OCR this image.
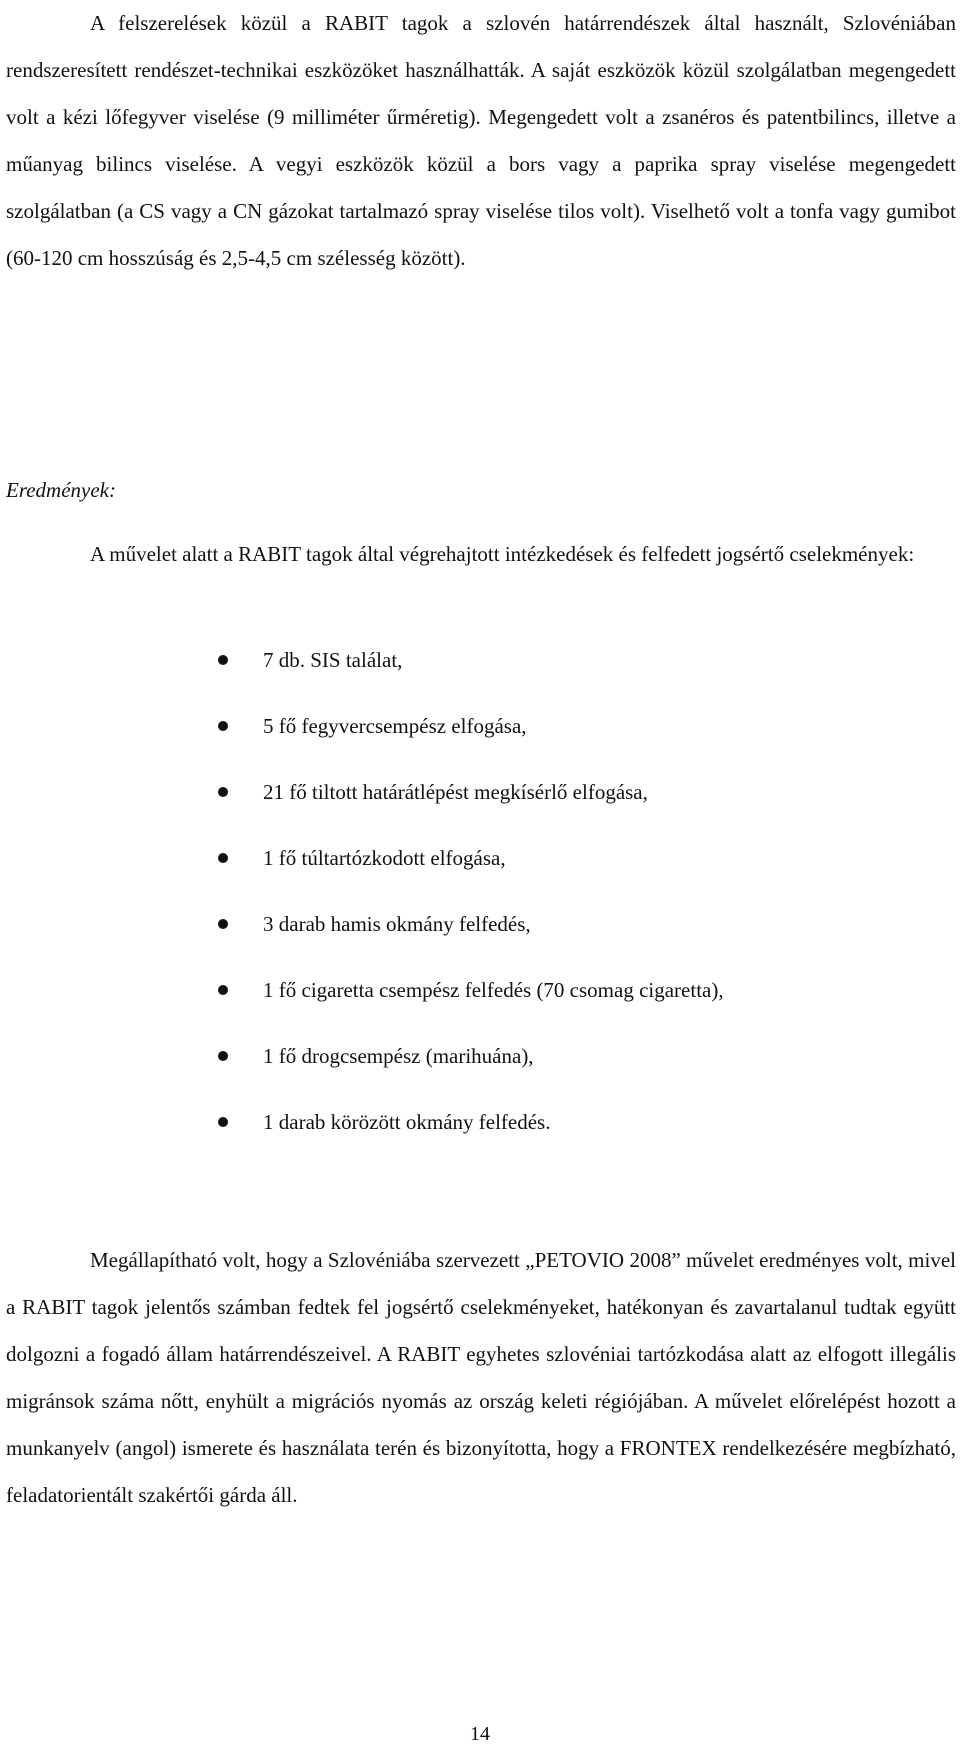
A felszerelések közül a RABIT tagok a szlovén határrendészek által használt, Szlovéniában rendszeresített rendészet-technikai eszközöket használhatták. A saját eszközök közül szolgálatban megengedett volt a kézi lőfegyver viselése (9 milliméter űrméretig). Megengedett volt a zsanéros és patentbilincs, illetve a műanyag bilincs viselése. A vegyi eszközök közül a bors vagy a paprika spray viselése megengedett szolgálatban (a CS vagy a CN gázokat tartalmazó spray viselése tilos volt). Viselhető volt a tonfa vagy gumibot (60-120 cm hosszúság és 2,5-4,5 cm szélesség között).

Eredmények:

A művelet alatt a RABIT tagok által végrehajtott intézkedések és felfedett jogsértő cselekmények:

7 db. SIS találat,
5 fő fegyvercsempész elfogása,
21 fő tiltott határátlépést megkísérlő elfogása,
1 fő túltartózkodott elfogása,
3 darab hamis okmány felfedés,
1 fő cigaretta csempész felfedés (70 csomag cigaretta),
1 fő drogcsempész (marihuána),
1 darab körözött okmány felfedés.

Megállapítható volt, hogy a Szlovéniába szervezett „PETOVIO 2008” művelet eredményes volt, mivel a RABIT tagok jelentős számban fedtek fel jogsértő cselekményeket, hatékonyan és zavartalanul tudtak együtt dolgozni a fogadó állam határrendészeivel. A RABIT egyhetes szlovéniai tartózkodása alatt az elfogott illegális migránsok száma nőtt, enyhült a migrációs nyomás az ország keleti régiójában. A művelet előrelépést hozott a munkanyelv (angol) ismerete és használata terén és bizonyította, hogy a FRONTEX rendelkezésére megbízható, feladatorientált szakértői gárda áll.

14
